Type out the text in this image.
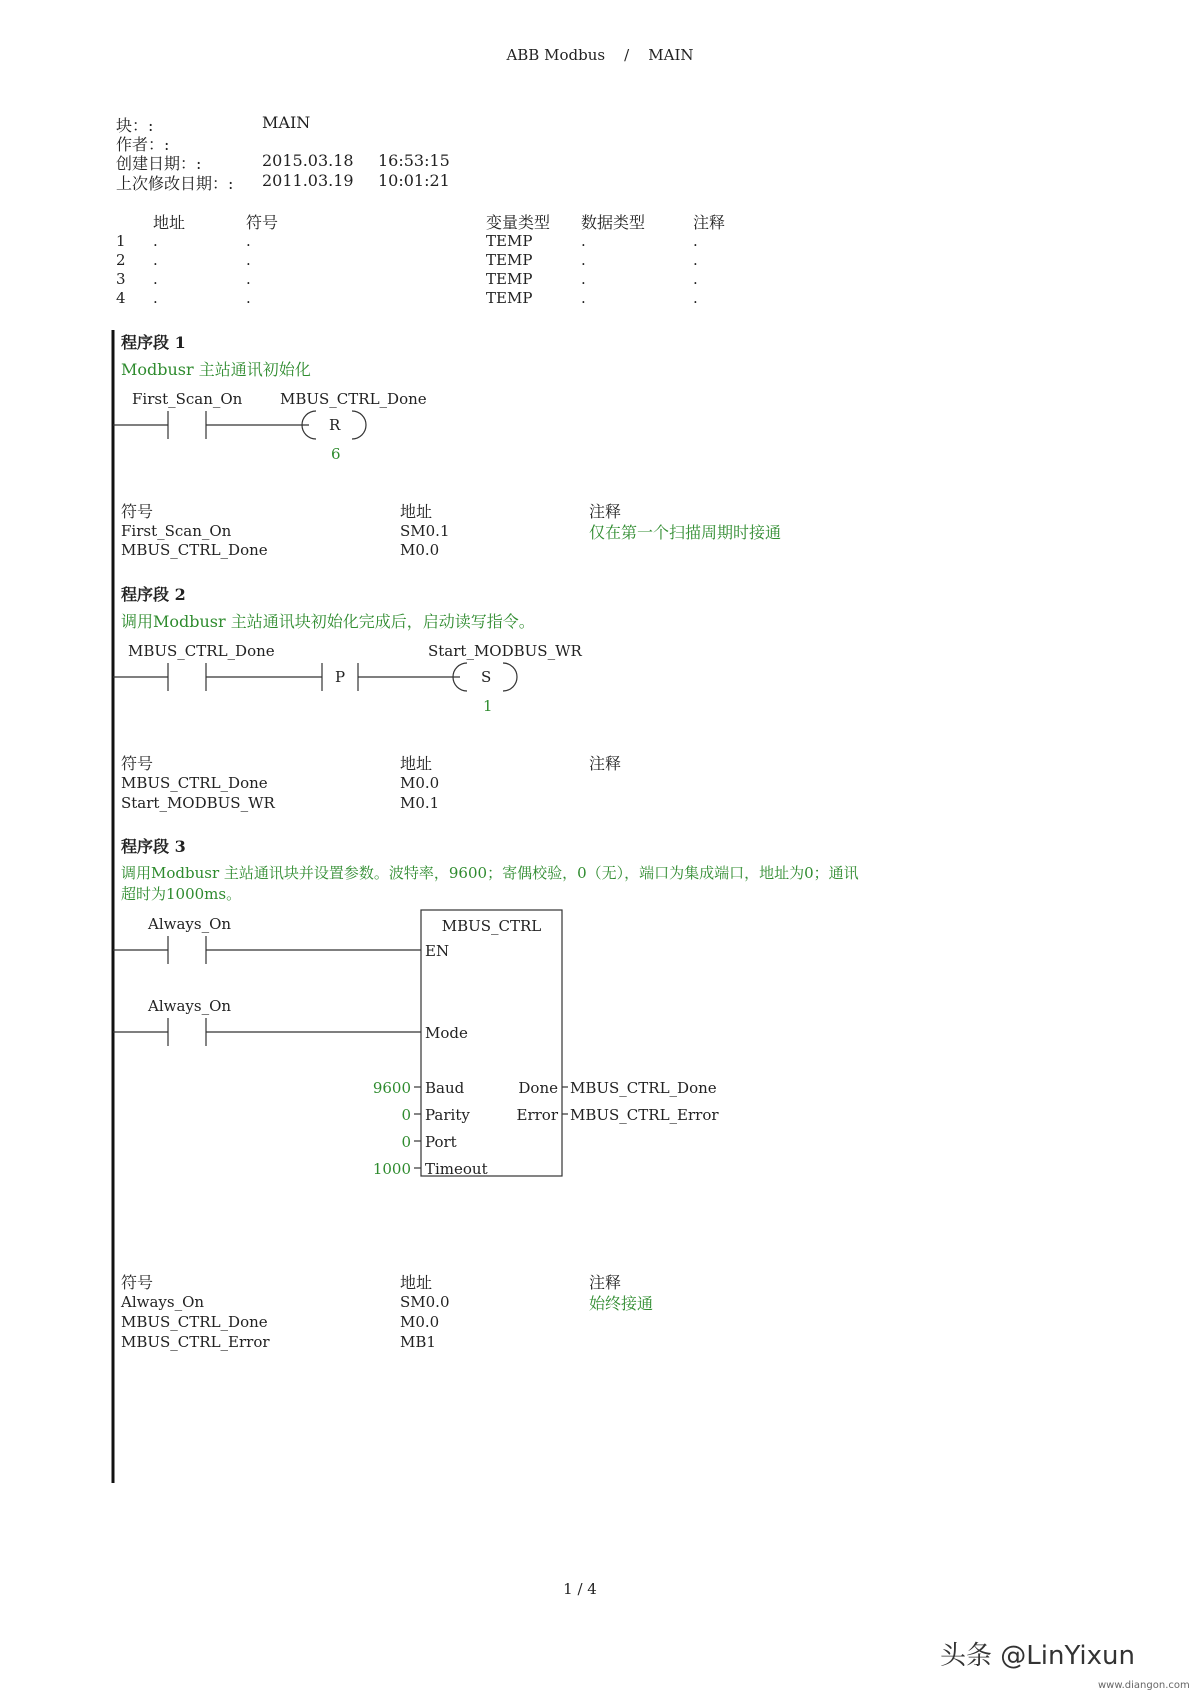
ABB Modbus / MAIN
块：:	MAIN
作者：:
创建日期：:	2015.03.18 16:53:15
上次修改日期：: 2011.03.19 10:01:21
地址	符号	变量类型 数据类型	注释
1 .	.	TEMP	.	.
2 .	.	TEMP	.	.
3 .	.	TEMP	.	.
4 .	.	TEMP	.	.
程序段 1
Modbusr 主站通讯初始化
First_Scan_On	MBUS_CTRL_Done
R
6
符号	地址	注释
First_Scan_On	SM0.1	仅在第一个扫描周期时接通
MBUS_CTRL_Done	M0.0
程序段 2
调用Modbusr 主站通讯块初始化完成后，启动读写指令。
MBUS_CTRL_Done
P
Start_MODBUS_WR
S
1
符号	地址	注释
MBUS_CTRL_Done	M0.0
Start_MODBUS_WR	M0.1
程序段 3
调用Modbusr 主站通讯块并设置参数。波特率，9600；寄偶校验，0（无），端口为集成端口，地址为0；通讯
超时为1000ms。
Always_On
Always_On
MBUS_CTRL
EN
Mode
Baud
Parity
Port
Timeout
Done
Error
9600
0
0
1000
MBUS_CTRL_Done
MBUS_CTRL_Error
符号	地址	注释
Always_On	SM0.0	始终接通
MBUS_CTRL_Done	M0.0
MBUS_CTRL_Error	MB1
1 / 4
头条 @LinYixun
www.diangon.com
